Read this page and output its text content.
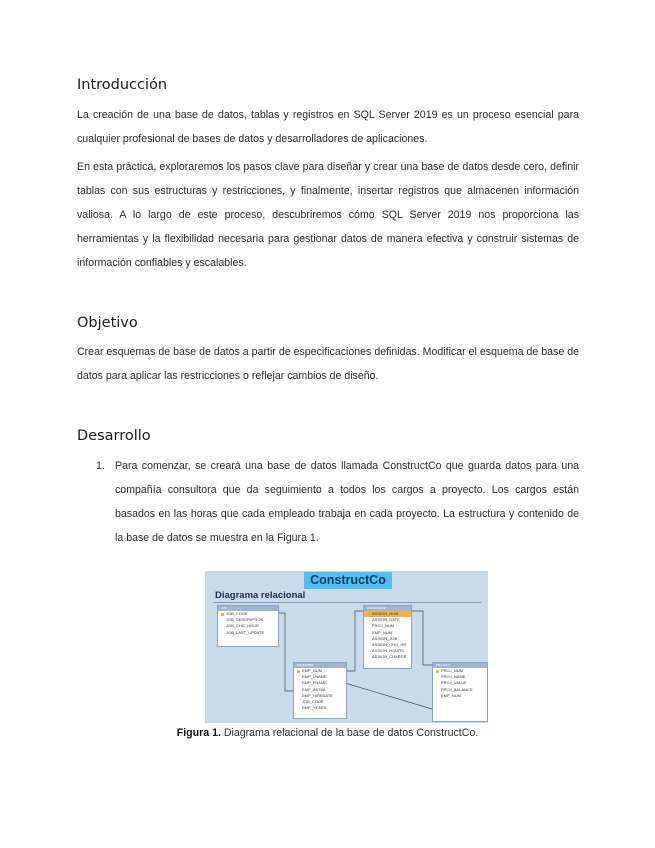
Introducción

La creación de una base de datos, tablas y registros en SQL Server 2019 es un proceso esencial para cualquier profesional de bases de datos y desarrolladores de aplicaciones.

En esta práctica, exploraremos los pasos clave para diseñar y crear una base de datos desde cero, definir tablas con sus estructuras y restricciones, y finalmente, insertar registros que almacenen información valiosa. A lo largo de este proceso, descubriremos cómo SQL Server 2019 nos proporciona las herramientas y la flexibilidad necesaria para gestionar datos de manera efectiva y construir sistemas de información confiables y escalables.

Objetivo

Crear esquemas de base de datos a partir de especificaciones definidas. Modificar el esquema de base de datos para aplicar las restricciones o reflejar cambios de diseño.

Desarrollo
1. Para comenzar, se creará una base de datos llamada ConstructCo que guarda datos para una compañía consultora que da seguimiento a todos los cargos a proyecto. Los cargos están basados en las horas que cada empleado trabaja en cada proyecto. La estructura y contenido de la base de datos se muestra en la Figura 1.
ConstructCo
Diagrama relacional
JOB
JOB_CODE
JOB_DESCRIPTION
JOB_CHG_HOUR
JOB_LAST_UPDATE
EMPLOYEE
EMP_NUM
EMP_LNAME
EMP_FNAME
EMP_INITIAL
EMP_HIREDATE
JOB_CODE
EMP_YEARS
ASSIGNMENT
ASSIGN_NUM
ASSIGN_DATE
PROJ_NUM
EMP_NUM
ASSIGN_JOB
ASSIGN_CHG_HR
ASSIGN_HOURS
ASSIGN_CHARGE
PROJECT
PROJ_NUM
PROJ_NAME
PROJ_VALUE
PROJ_BALANCE
EMP_NUM
Figura 1. Diagrama relacional de la base de datos ConstructCo.
